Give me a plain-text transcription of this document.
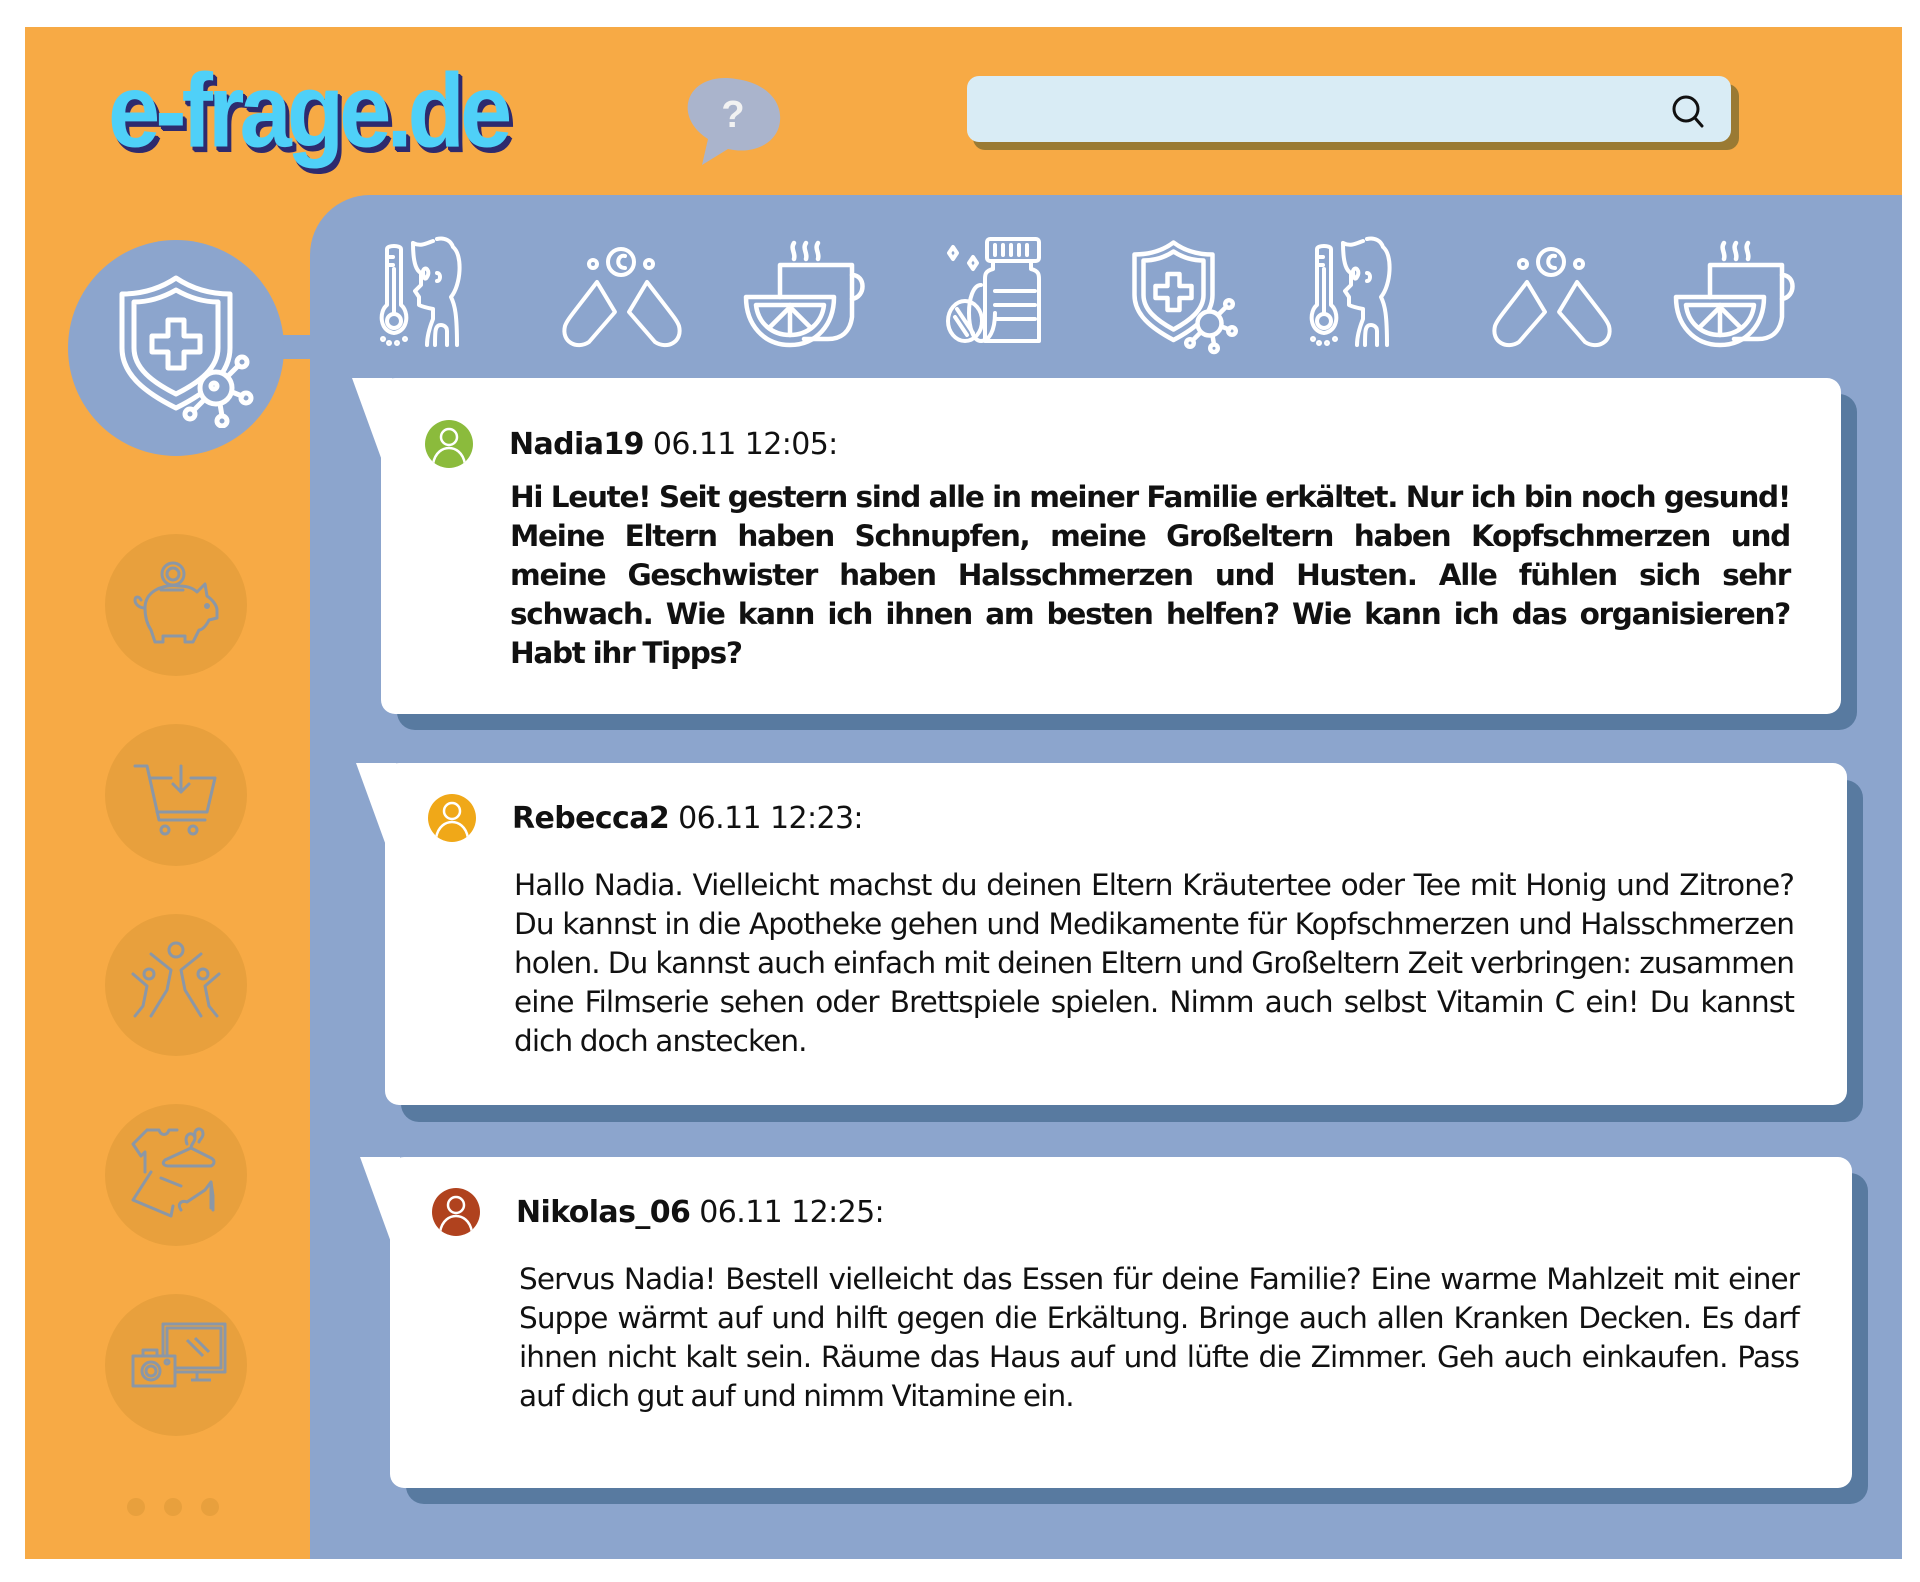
e-frage.de	?
Nadia19 06.11 12:05:
Hi Leute! Seit gestern sind alle in meiner Familie erkältet. Nur ich bin noch gesund! Meine Eltern haben Schnupfen, meine Großeltern haben Kopfschmerzen und meine Geschwister haben Halsschmerzen und Husten. Alle fühlen sich sehr schwach. Wie kann ich ihnen am besten helfen? Wie kann ich das organisieren? Habt ihr Tipps?
Rebecca2 06.11 12:23:
Hallo Nadia. Vielleicht machst du deinen Eltern Kräutertee oder Tee mit Honig und Zitrone? Du kannst in die Apotheke gehen und Medikamente für Kopfschmerzen und Halsschmerzen holen. Du kannst auch einfach mit deinen Eltern und Großeltern Zeit verbringen: zusammen eine Filmserie sehen oder Brettspiele spielen. Nimm auch selbst Vitamin C ein! Du kannst dich doch anstecken.
Nikolas_06 06.11 12:25:
Servus Nadia! Bestell vielleicht das Essen für deine Familie? Eine warme Mahlzeit mit einer Suppe wärmt auf und hilft gegen die Erkältung. Bringe auch allen Kranken Decken. Es darf ihnen nicht kalt sein. Räume das Haus auf und lüfte die Zimmer. Geh auch einkaufen. Pass auf dich gut auf und nimm Vitamine ein.
